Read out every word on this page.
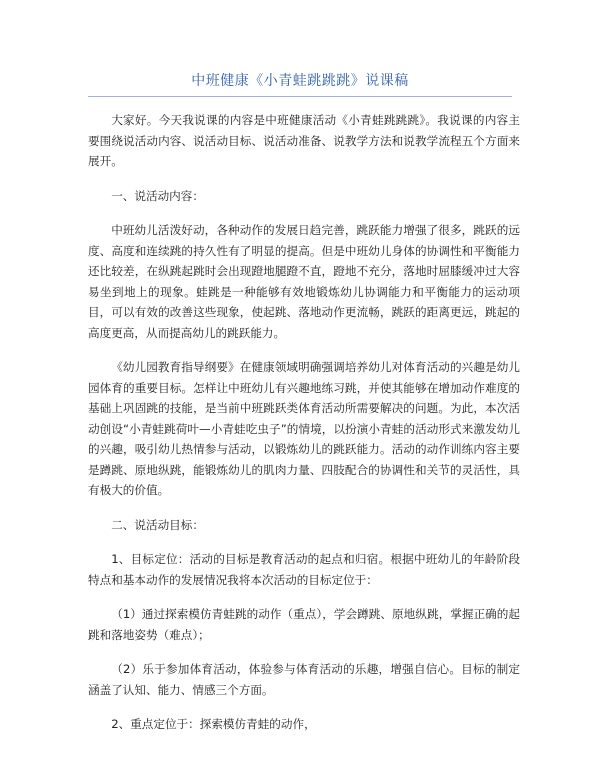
中班健康《小青蛙跳跳跳》说课稿

大家好。今天我说课的内容是中班健康活动《小青蛙跳跳跳》。我说课的内容主要围绕说活动内容、说活动目标、说活动准备、说教学方法和说教学流程五个方面来展开。

一、说活动内容：

中班幼儿活泼好动，各种动作的发展日趋完善，跳跃能力增强了很多，跳跃的远度、高度和连续跳的持久性有了明显的提高。但是中班幼儿身体的协调性和平衡能力还比较差，在纵跳起跳时会出现蹬地腿蹬不直，蹬地不充分，落地时屈膝缓冲过大容易坐到地上的现象。蛙跳是一种能够有效地锻炼幼儿协调能力和平衡能力的运动项目，可以有效的改善这些现象，使起跳、落地动作更流畅，跳跃的距离更远，跳起的高度更高，从而提高幼儿的跳跃能力。

《幼儿园教育指导纲要》在健康领域明确强调培养幼儿对体育活动的兴趣是幼儿园体育的重要目标。怎样让中班幼儿有兴趣地练习跳，并使其能够在增加动作难度的基础上巩固跳的技能，是当前中班跳跃类体育活动所需要解决的问题。为此，本次活动创设“小青蛙跳荷叶—小青蛙吃虫子”的情境，以扮演小青蛙的活动形式来激发幼儿的兴趣，吸引幼儿热情参与活动，以锻炼幼儿的跳跃能力。活动的动作训练内容主要是蹲跳、原地纵跳，能锻炼幼儿的肌肉力量、四肢配合的协调性和关节的灵活性，具有极大的价值。

二、说活动目标：

1、目标定位：活动的目标是教育活动的起点和归宿。根据中班幼儿的年龄阶段特点和基本动作的发展情况我将本次活动的目标定位于：

（1）通过探索模仿青蛙跳的动作（重点），学会蹲跳、原地纵跳，掌握正确的起跳和落地姿势（难点）；

（2）乐于参加体育活动，体验参与体育活动的乐趣，增强自信心。目标的制定涵盖了认知、能力、情感三个方面。

2、重点定位于：探索模仿青蛙的动作，
